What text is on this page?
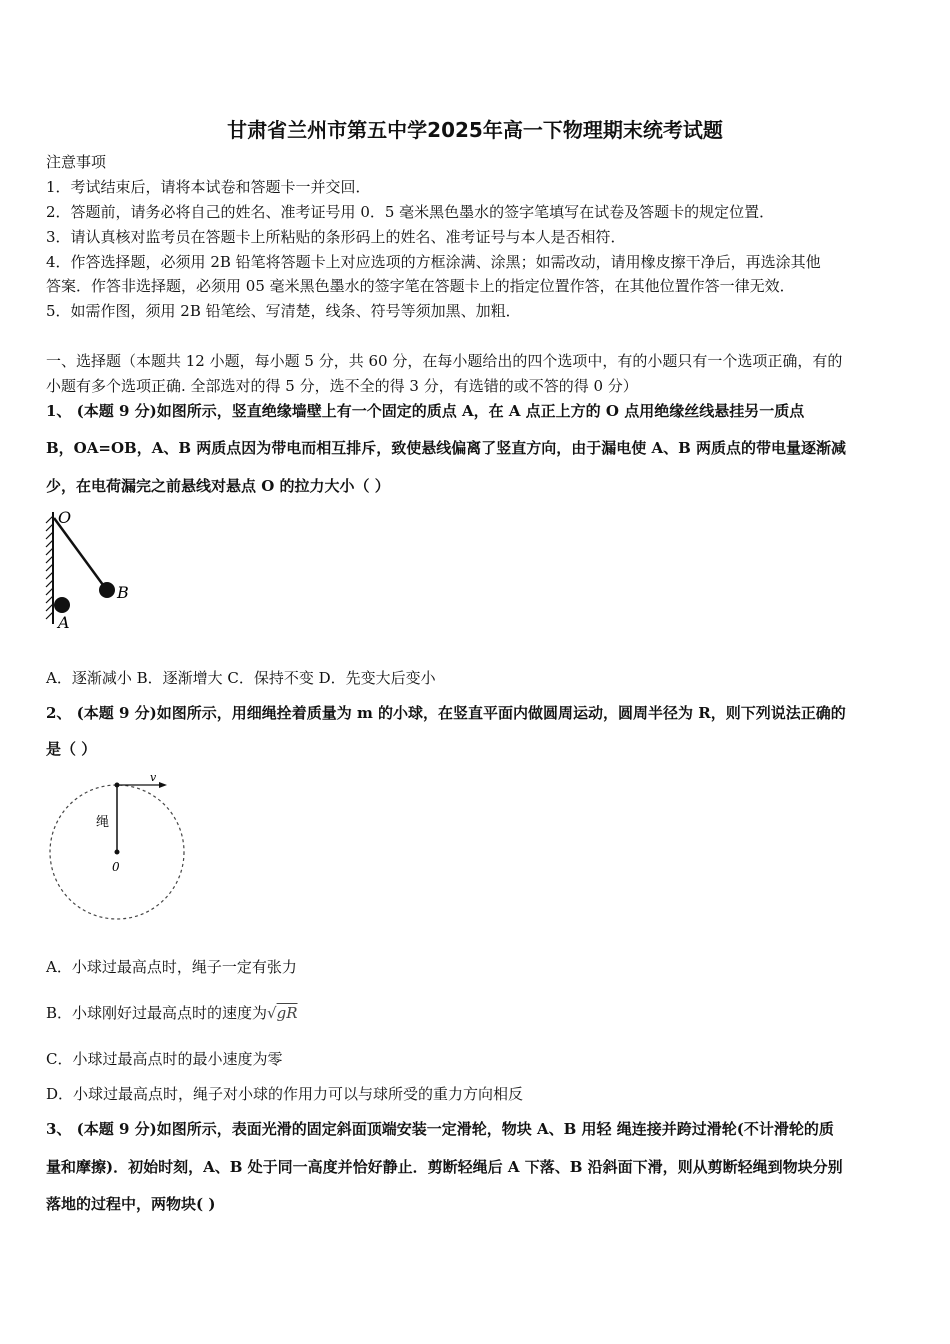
甘肃省兰州市第五中学2025年高一下物理期末统考试题
注意事项
1．考试结束后，请将本试卷和答题卡一并交回．
2．答题前，请务必将自己的姓名、准考证号用 0．5 毫米黑色墨水的签字笔填写在试卷及答题卡的规定位置．
3．请认真核对监考员在答题卡上所粘贴的条形码上的姓名、准考证号与本人是否相符．
4．作答选择题，必须用 2B 铅笔将答题卡上对应选项的方框涂满、涂黑；如需改动，请用橡皮擦干净后，再选涂其他
答案．作答非选择题，必须用 05 毫米黑色墨水的签字笔在答题卡上的指定位置作答，在其他位置作答一律无效．
5．如需作图，须用 2B 铅笔绘、写清楚，线条、符号等须加黑、加粗．
一、选择题（本题共 12 小题，每小题 5 分，共 60 分，在每小题给出的四个选项中，有的小题只有一个选项正确，有的
小题有多个选项正确. 全部选对的得 5 分，选不全的得 3 分，有选错的或不答的得 0 分）
1、 (本题 9 分)如图所示，竖直绝缘墙壁上有一个固定的质点 A，在 A 点正上方的 O 点用绝缘丝线悬挂另一质点
B，OA=OB，A、B 两质点因为带电而相互排斥，致使悬线偏离了竖直方向，由于漏电使 A、B 两质点的带电量逐渐减
少，在电荷漏完之前悬线对悬点 O 的拉力大小（ ）
O
B
A
A．逐渐减小 B．逐渐增大 C．保持不变 D．先变大后变小
2、 (本题 9 分)如图所示，用细绳拴着质量为 m 的小球，在竖直平面内做圆周运动，圆周半径为 R，则下列说法正确的
是（ ）
v
绳
0
A．小球过最高点时，绳子一定有张力
B．小球刚好过最高点时的速度为√gR
C．小球过最高点时的最小速度为零
D．小球过最高点时，绳子对小球的作用力可以与球所受的重力方向相反
3、 (本题 9 分)如图所示，表面光滑的固定斜面顶端安装一定滑轮，物块 A、B 用轻 绳连接并跨过滑轮(不计滑轮的质
量和摩擦)．初始时刻，A、B 处于同一高度并恰好静止．剪断轻绳后 A 下落、B 沿斜面下滑，则从剪断轻绳到物块分别
落地的过程中，两物块( )
